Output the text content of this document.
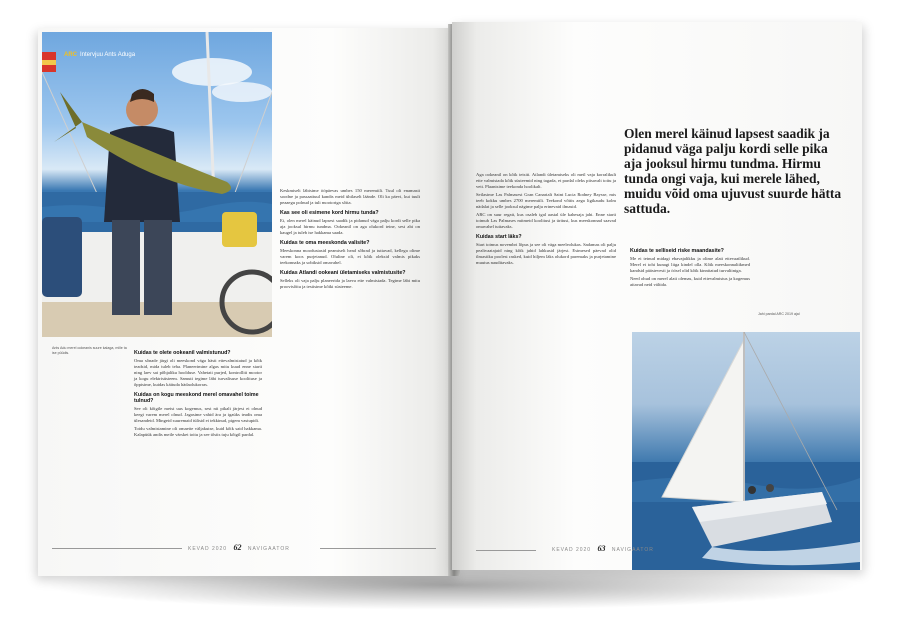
ARC Intervjuu Ants Aduga
Ants Adu merel ookeanis suure kalaga, mille ta ise püüdis.	Kuidas te olete ookeanil valmistunud?

Oma sõnade järgi oli meeskond väga hästi ettevalmistatud ja kõik teadsid, mida tuleb teha. Planeerimine algas mitu kuud enne starti ning laev sai põhjaliku hoolduse. Vahetati purjed, kontrolliti mootor ja kogu elektrisüsteem. Samuti tegime läbi turvalisuse koolituse ja õppisime, kuidas käituda hädaolukorras.

Kuidas on kogu meeskond merel omavahel toime tulnud?

See oli kõigile meist uus kogemus, sest nii pikalt järjest ei olnud keegi varem merel olnud. Jagasime vahid ära ja igaüks teadis oma ülesandeid. Mingeid suuremaid tülisid ei tekkinud, pigem vastupidi.

Toidu valmistamine oli omaette väljakutse, kuid kõik said hakkama. Kalapüük andis meile värsket toitu ja see tõstis tuju kõigil pardal.

Keskmiselt läbisime ööpäevas umbes 150 meremiili. Tuul oli enamasti soodne ja passaattuul kandis meid ühtlaselt läände. Oli ka päevi, kui tuult peaaegu polnud ja tuli mootoriga sõita.

Kas see oli esimene kord hirmu tunda?

Ei, olen merel käinud lapsest saadik ja pidanud väga palju kordi selle pika aja jooksul hirmu tundma. Ookeanil on aga olukord teine, sest abi on kaugel ja tuleb ise hakkama saada.

Kuidas te oma meeskonda valisite?

Meeskonna moodustasid peamiselt head sõbrad ja tuttavad, kellega olime varem koos purjetanud. Oluline oli, et kõik oleksid valmis pikaks teekonnaks ja sobiksid omavahel.

Kuidas Atlandi ookeani ületamiseks valmistusite?

Selleks oli vaja palju planeerida ja laeva ette valmistada. Tegime läbi mitu proovisõitu ja testisime kõiki süsteeme.

KEVAD 2020 62 NAVIGAATOR
Olen merel käinud lapsest saadik ja pidanud väga palju kordi selle pika aja jooksul hirmu tundma. Hirmu tunda ongi vaja, kui merele lähed, muidu võid oma ujuvust suurde hätta sattuda.

Aga ookeanil on kõik teisiti. Atlandi ületamiseks oli meil vaja korralikult ette valmistada kõik süsteemid ning tagada, et pardal oleks piisavalt toitu ja vett. Plaanisime teekonda hoolikalt.

Seilasime Las Palmasest Gran Canarialt Saint Lucia Rodney Baysse, mis teeb kokku umbes 2700 meremiili. Teekond võttis aega ligikaudu kolm nädalat ja selle jooksul nägime palju erinevaid ilmasid.

ARC on suur regatt, kus osaleb igal aastal üle kahesaja jahi. Enne starti toimub Las Palmases mitmeid koolitusi ja üritusi, kus meeskonnad saavad omavahel tuttavaks.

Kuidas start läks?

Start toimus novembri lõpus ja see oli väga meeleolukas. Sadamas oli palju pealtvaatajaid ning kõik jahid lahkusid järjest. Esimesed päevad olid ilmastiku poolest rasked, kuid hiljem läks olukord paremaks ja purjetamine muutus nauditavaks.

Kuidas te selliseid riske maandasite?

Me ei teinud midagi ebavajalikku ja olime alati ettevaatlikud. Merel ei tohi kunagi liiga kindel olla. Kõik meeskonnaliikmed kandsid päästevesti ja öösel olid kõik kinnitatud turvaliiniga.

Need ohud on merel alati olemas, kuid ettevalmistus ja kogemus aitavad neid vältida.

Jahi pardal ARC 2019 ajal
KEVAD 2020 63 NAVIGAATOR
